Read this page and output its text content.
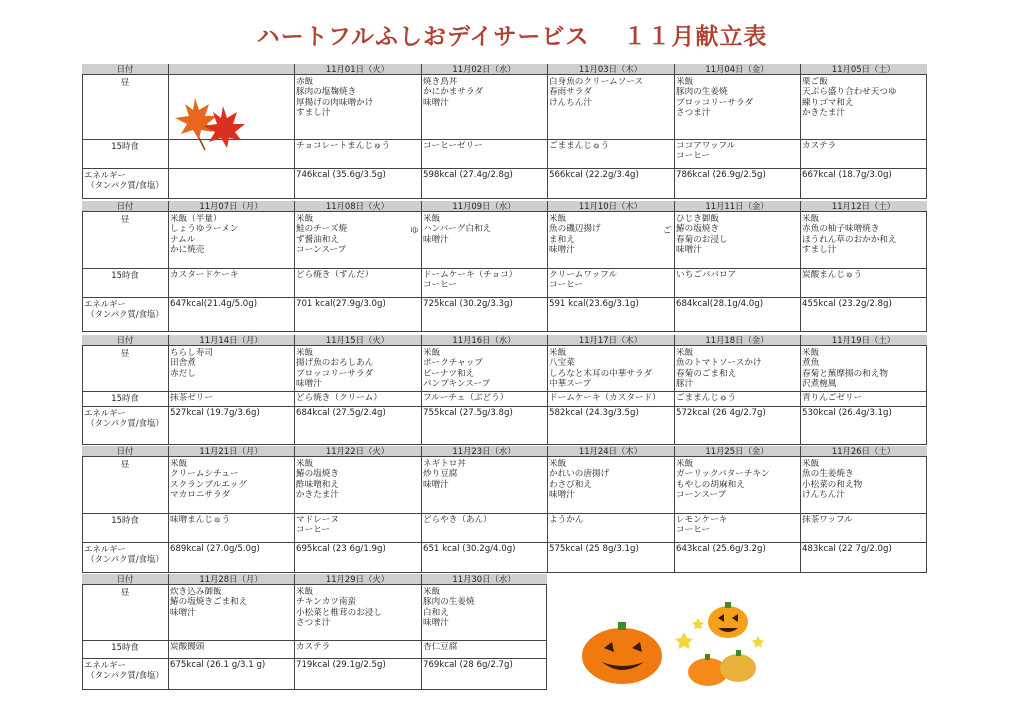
ハートフルふしおデイサービス １１月献立表
日付
昼
15時食
エネルギー
（タンパク質/食塩）
11月01日（火）
赤飯
豚肉の塩麹焼き
厚揚げの肉味噌かけ
すまし汁
チョコレートまんじゅう
746kcal (35.6g/3.5g)
11月02日（水）
焼き鳥丼
かにかまサラダ
味噌汁
コーヒーゼリー
598kcal (27.4g/2.8g)
11月03日（木）
白身魚のクリームソース
春雨サラダ
けんちん汁
ごままんじゅう
566kcal (22.2g/3.4g)
11月04日（金）
米飯
豚肉の生姜焼
ブロッコリーサラダ
さつま汁
ココアワッフル
コーヒー
786kcal (26.9g/2.5g)
11月05日（土）
栗ご飯
天ぷら盛り合わせ天つゆ
練りゴマ和え
かきたま汁
カステラ
667kcal (18.7g/3.0g)
日付
昼
15時食
エネルギー
（タンパク質/食塩）
11月07日（月）
米飯（半量）
しょうゆラーメン
ナムル
かに焼売
カスタードケーキ
647kcal(21.4g/5.0g)
11月08日（火）
米飯
鮭のチーズ焼
ず醤油和え
コーンスープ
どら焼き（ずんだ）
701 kcal(27.9g/3.0g)
11月09日（水）
米飯
ハンバーグ白和え
味噌汁
ドームケーキ（チョコ）
コーヒー
725kcal (30.2g/3.3g)
11月10日（木）
米飯
魚の磯辺揚げ
ま和え
味噌汁
クリームワッフル
コーヒー
591 kcal(23.6g/3.1g)
11月11日（金）
ひじき御飯
鰆の塩焼き
春菊のお浸し
味噌汁
いちごババロア
684kcal(28.1g/4.0g)
11月12日（土）
米飯
赤魚の柚子味噌焼き
ほうれん草のおかか和え
すまし汁
炭酸まんじゅう
455kcal (23.2g/2.8g)
ゆ	ご
日付
昼
15時食
エネルギー
（タンパク質/食塩）
11月14日（月）
ちらし寿司
田舎煮
赤だし
抹茶ゼリー
527kcal (19.7g/3.6g)
11月15日（火）
米飯
揚げ魚のおろしあん
ブロッコリーサラダ
味噌汁
どら焼き（クリーム）
684kcal (27.5g/2.4g)
11月16日（水）
米飯
ポークチャップ
ピーナツ和え
パンプキンスープ
フルーチェ（ぶどう）
755kcal (27.5g/3.8g)
11月17日（木）
米飯
八宝菜
しろなと木耳の中華サラダ
中華スープ
ドームケーキ（カスタード）
582kcal (24.3g/3.5g)
11月18日（金）
米飯
魚のトマトソースかけ
春菊のごま和え
豚汁
ごままんじゅう
572kcal (26 4g/2.7g)
11月19日（土）
米飯
煮魚
春菊と蕪摩揚の和え物
沢煮椀風
青りんごゼリー
530kcal (26.4g/3.1g)
日付
昼
15時食
エネルギー
（タンパク質/食塩）
11月21日（月）
米飯
クリームシチュー
スクランブルエッグ
マカロニサラダ
味噌まんじゅう
689kcal (27.0g/5.0g)
11月22日（火）
米飯
鰆の塩焼き
酢味噌和え
かきたま汁
マドレーヌ
コーヒー
695kcal (23 6g/1.9g)
11月23日（水）
ネギトロ丼
炒り豆腐
味噌汁
どらやき（あん）
651 kcal (30.2g/4.0g)
11月24日（木）
米飯
かれいの唐揚げ
わさび和え
味噌汁
ようかん
575kcal (25 8g/3.1g)
11月25日（金）
米飯
ガーリックバターチキン
もやしの胡麻和え
コーンスープ
レモンケーキ
コーヒー
643kcal (25.6g/3.2g)
11月26日（土）
米飯
魚の生姜焼き
小松菜の和え物
けんちん汁
抹茶ワッフル
483kcal (22 7g/2.0g)
日付
昼
15時食
エネルギー
（タンパク質/食塩）
11月28日（月）
炊き込み御飯
鰆の塩焼きごま和え
味噌汁
炭酸饅頭
675kcal (26.1 g/3.1 g)
11月29日（火）
米飯
チキンカツ南蛮
小松菜と椎茸のお浸し
さつま汁
カステラ
719kcal (29.1g/2.5g)
11月30日（水）
米飯
豚肉の生姜焼
白和え
味噌汁
杏仁豆腐
769kcal (28 6g/2.7g)
